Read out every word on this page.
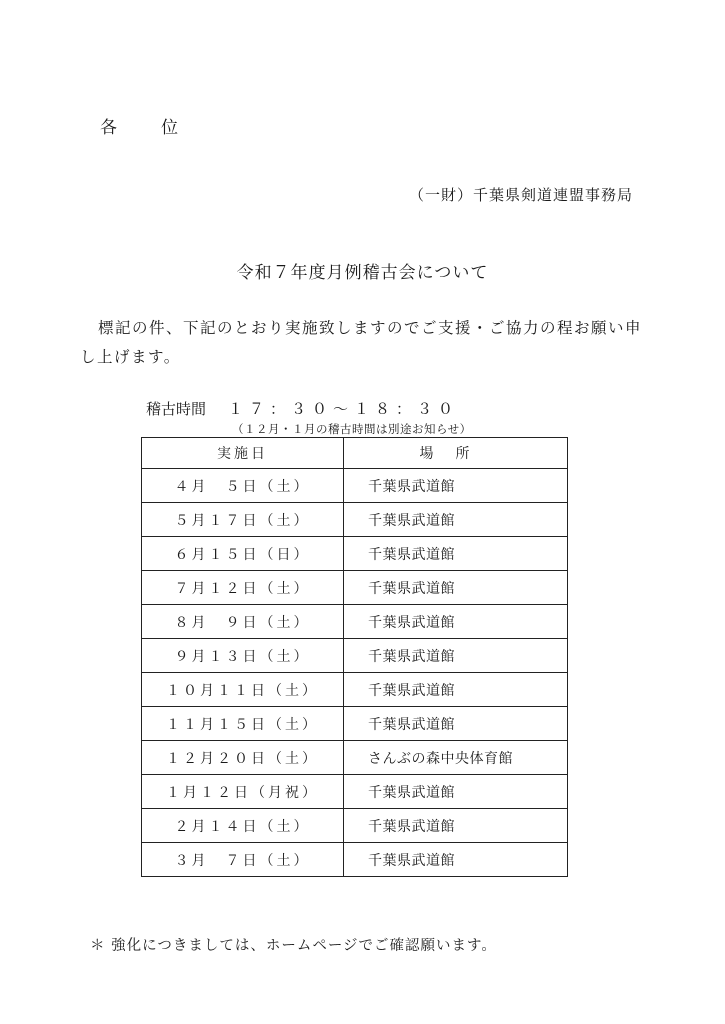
各位
（一財）千葉県剣道連盟事務局
令和７年度月例稽古会について
標記の件、下記のとおり実施致しますのでご支援・ご協力の程お願い申し上げます。
稽古時間 １７：３０〜１８：３０
（１２月・１月の稽古時間は別途お知らせ）
実施日	場所
４月　５日（土）	千葉県武道館
５月１７日（土）	千葉県武道館
６月１５日（日）	千葉県武道館
７月１２日（土）	千葉県武道館
８月　９日（土）	千葉県武道館
９月１３日（土）	千葉県武道館
１０月１１日（土）	千葉県武道館
１１月１５日（土）	千葉県武道館
１２月２０日（土）	さんぶの森中央体育館
１月１２日（月祝）	千葉県武道館
２月１４日（土）	千葉県武道館
３月　７日（土）	千葉県武道館
＊ 強化につきましては、ホームページでご確認願います。
